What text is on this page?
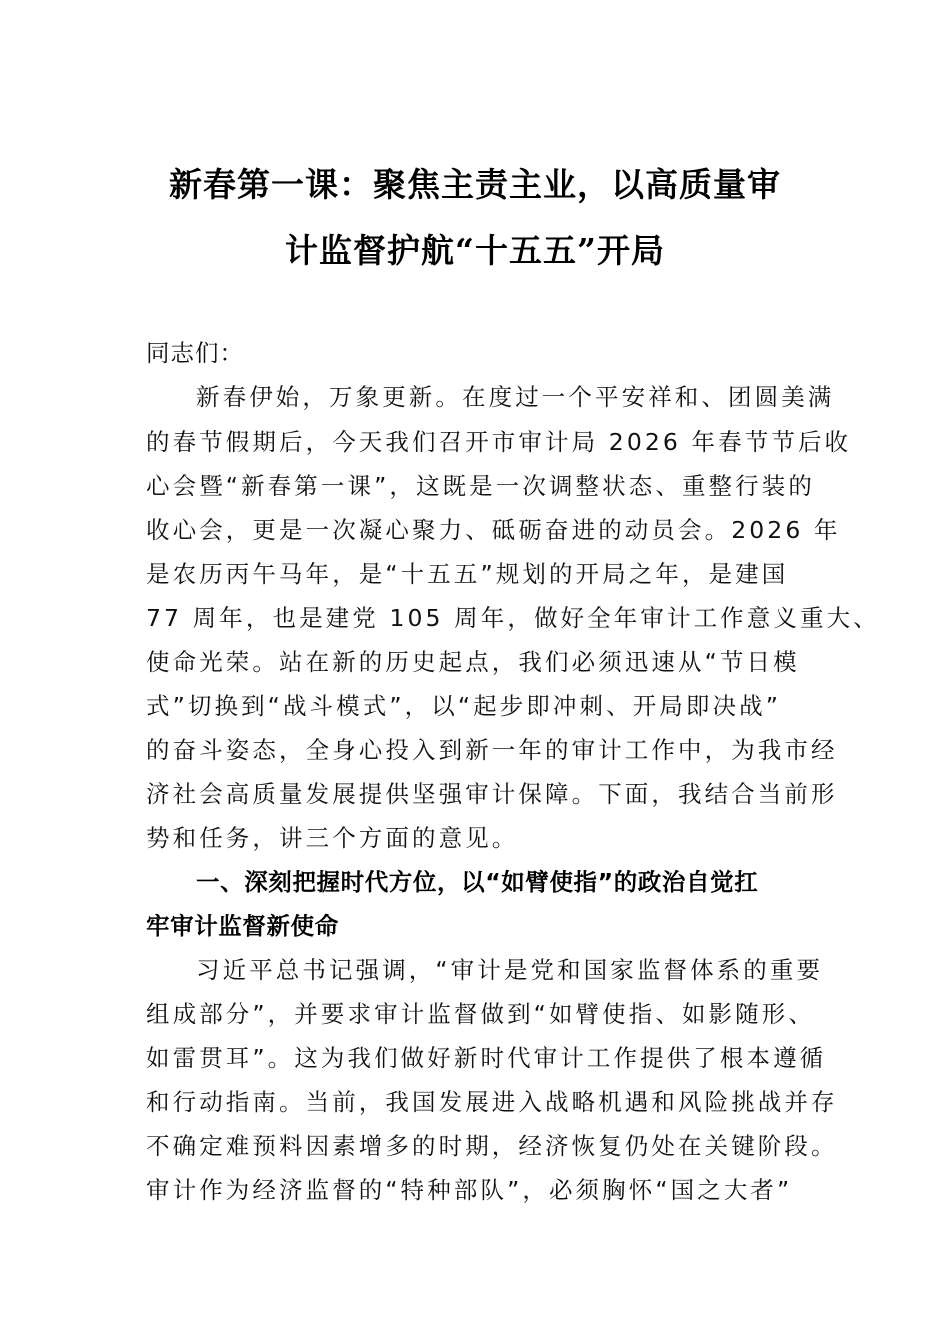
新春第一课：聚焦主责主业，以高质量审
计监督护航“十五五”开局
同志们：
新春伊始，万象更新。在度过一个平安祥和、团圆美满
的春节假期后，今天我们召开市审计局 2026 年春节节后收
心会暨“新春第一课”，这既是一次调整状态、重整行装的
收心会，更是一次凝心聚力、砥砺奋进的动员会。2026 年
是农历丙午马年，是“十五五”规划的开局之年，是建国
77 周年，也是建党 105 周年，做好全年审计工作意义重大、
使命光荣。站在新的历史起点，我们必须迅速从“节日模
式”切换到“战斗模式”，以“起步即冲刺、开局即决战”
的奋斗姿态，全身心投入到新一年的审计工作中，为我市经
济社会高质量发展提供坚强审计保障。下面，我结合当前形
势和任务，讲三个方面的意见。
一、深刻把握时代方位，以“如臂使指”的政治自觉扛
牢审计监督新使命
习近平总书记强调，“审计是党和国家监督体系的重要
组成部分”，并要求审计监督做到“如臂使指、如影随形、
如雷贯耳”。这为我们做好新时代审计工作提供了根本遵循
和行动指南。当前，我国发展进入战略机遇和风险挑战并存
不确定难预料因素增多的时期，经济恢复仍处在关键阶段。
审计作为经济监督的“特种部队”，必须胸怀“国之大者”
